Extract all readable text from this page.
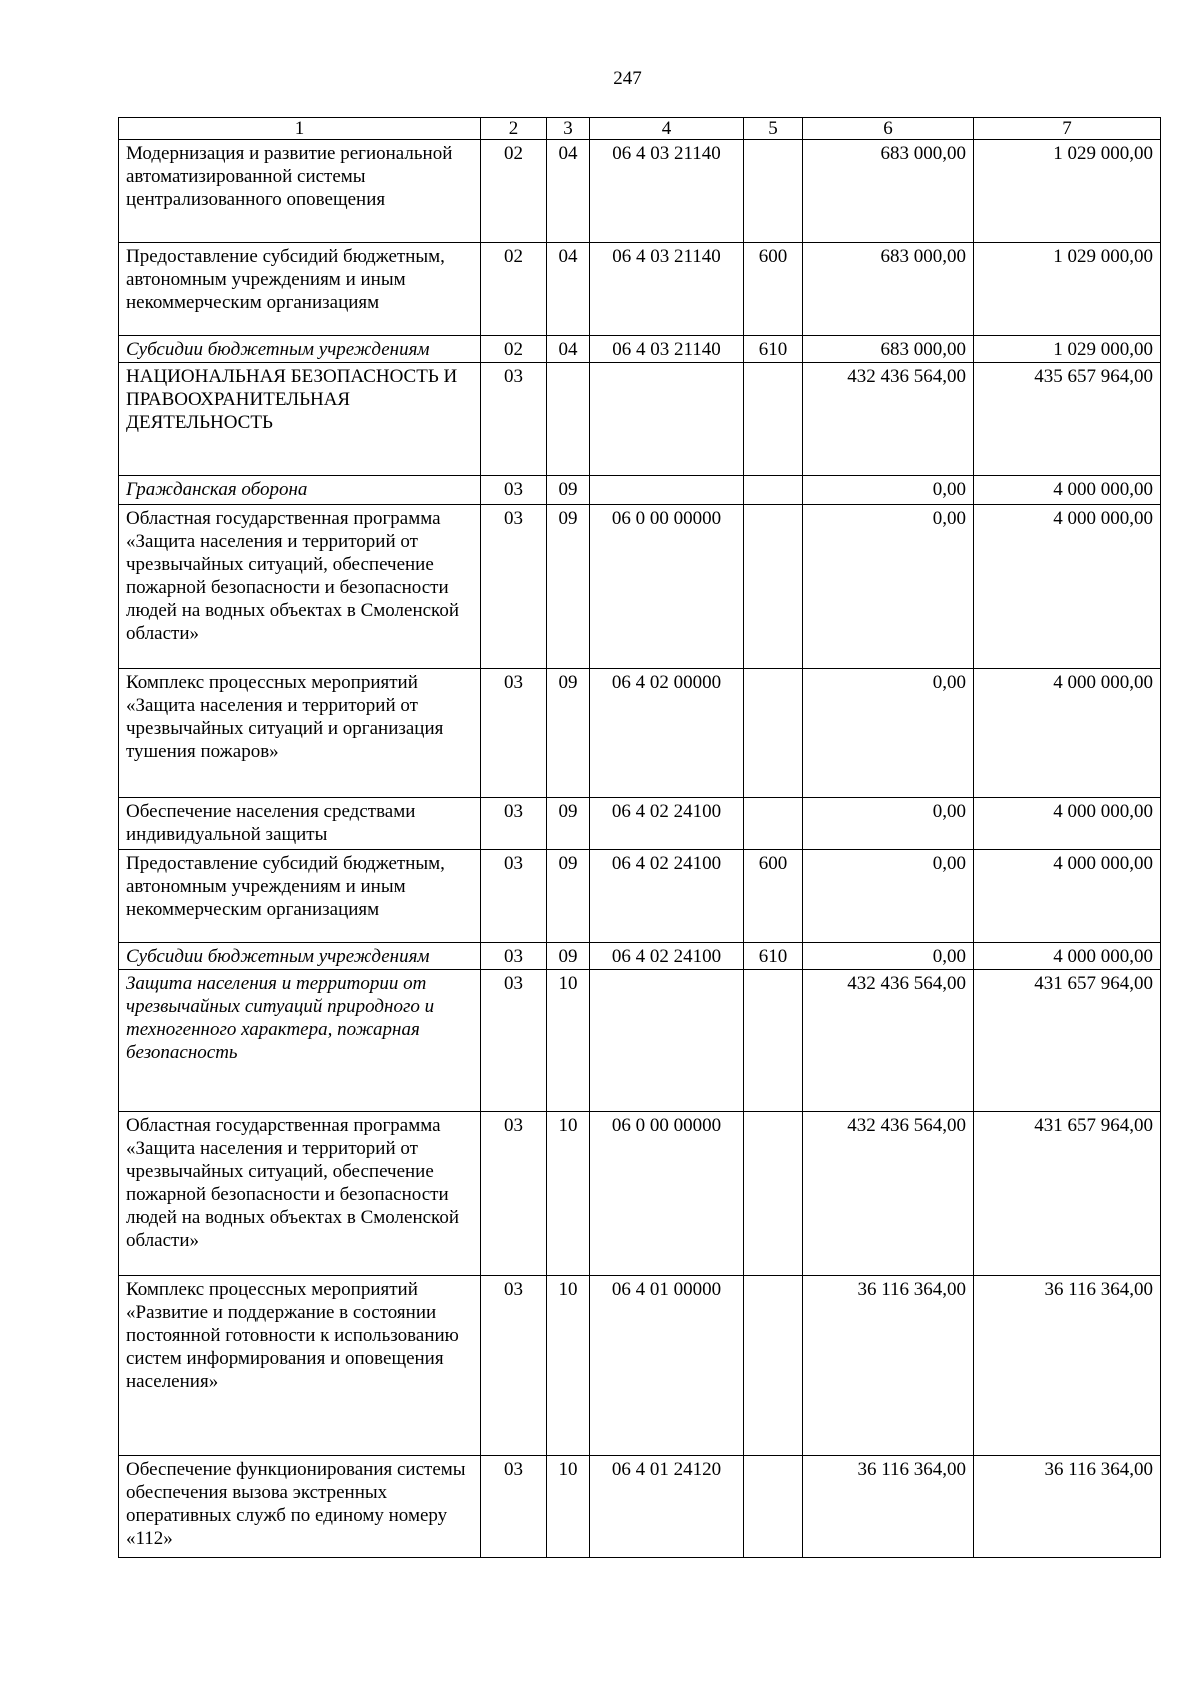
247
1	2	3	4	5	6	7
Модернизация и развитие региональной автоматизированной системы централизованного оповещения	02	04	06 4 03 21140		683 000,00	1 029 000,00
Предоставление субсидий бюджетным, автономным учреждениям и иным некоммерческим организациям	02	04	06 4 03 21140	600	683 000,00	1 029 000,00
Субсидии бюджетным учреждениям	02	04	06 4 03 21140	610	683 000,00	1 029 000,00
НАЦИОНАЛЬНАЯ БЕЗОПАСНОСТЬ И ПРАВООХРАНИТЕЛЬНАЯ ДЕЯТЕЛЬНОСТЬ	03				432 436 564,00	435 657 964,00
Гражданская оборона	03	09			0,00	4 000 000,00
Областная государственная программа «Защита населения и территорий от чрезвычайных ситуаций, обеспечение пожарной безопасности и безопасности людей на водных объектах в Смоленской области»	03	09	06 0 00 00000		0,00	4 000 000,00
Комплекс процессных мероприятий «Защита населения и территорий от чрезвычайных ситуаций и организация тушения пожаров»	03	09	06 4 02 00000		0,00	4 000 000,00
Обеспечение населения средствами индивидуальной защиты	03	09	06 4 02 24100		0,00	4 000 000,00
Предоставление субсидий бюджетным, автономным учреждениям и иным некоммерческим организациям	03	09	06 4 02 24100	600	0,00	4 000 000,00
Субсидии бюджетным учреждениям	03	09	06 4 02 24100	610	0,00	4 000 000,00
Защита населения и территории от чрезвычайных ситуаций природного и техногенного характера, пожарная безопасность	03	10			432 436 564,00	431 657 964,00
Областная государственная программа «Защита населения и территорий от чрезвычайных ситуаций, обеспечение пожарной безопасности и безопасности людей на водных объектах в Смоленской области»	03	10	06 0 00 00000		432 436 564,00	431 657 964,00
Комплекс процессных мероприятий «Развитие и поддержание в состоянии постоянной готовности к использованию систем информирования и оповещения населения»	03	10	06 4 01 00000		36 116 364,00	36 116 364,00
Обеспечение функционирования системы обеспечения вызова экстренных оперативных служб по единому номеру «112»	03	10	06 4 01 24120		36 116 364,00	36 116 364,00
